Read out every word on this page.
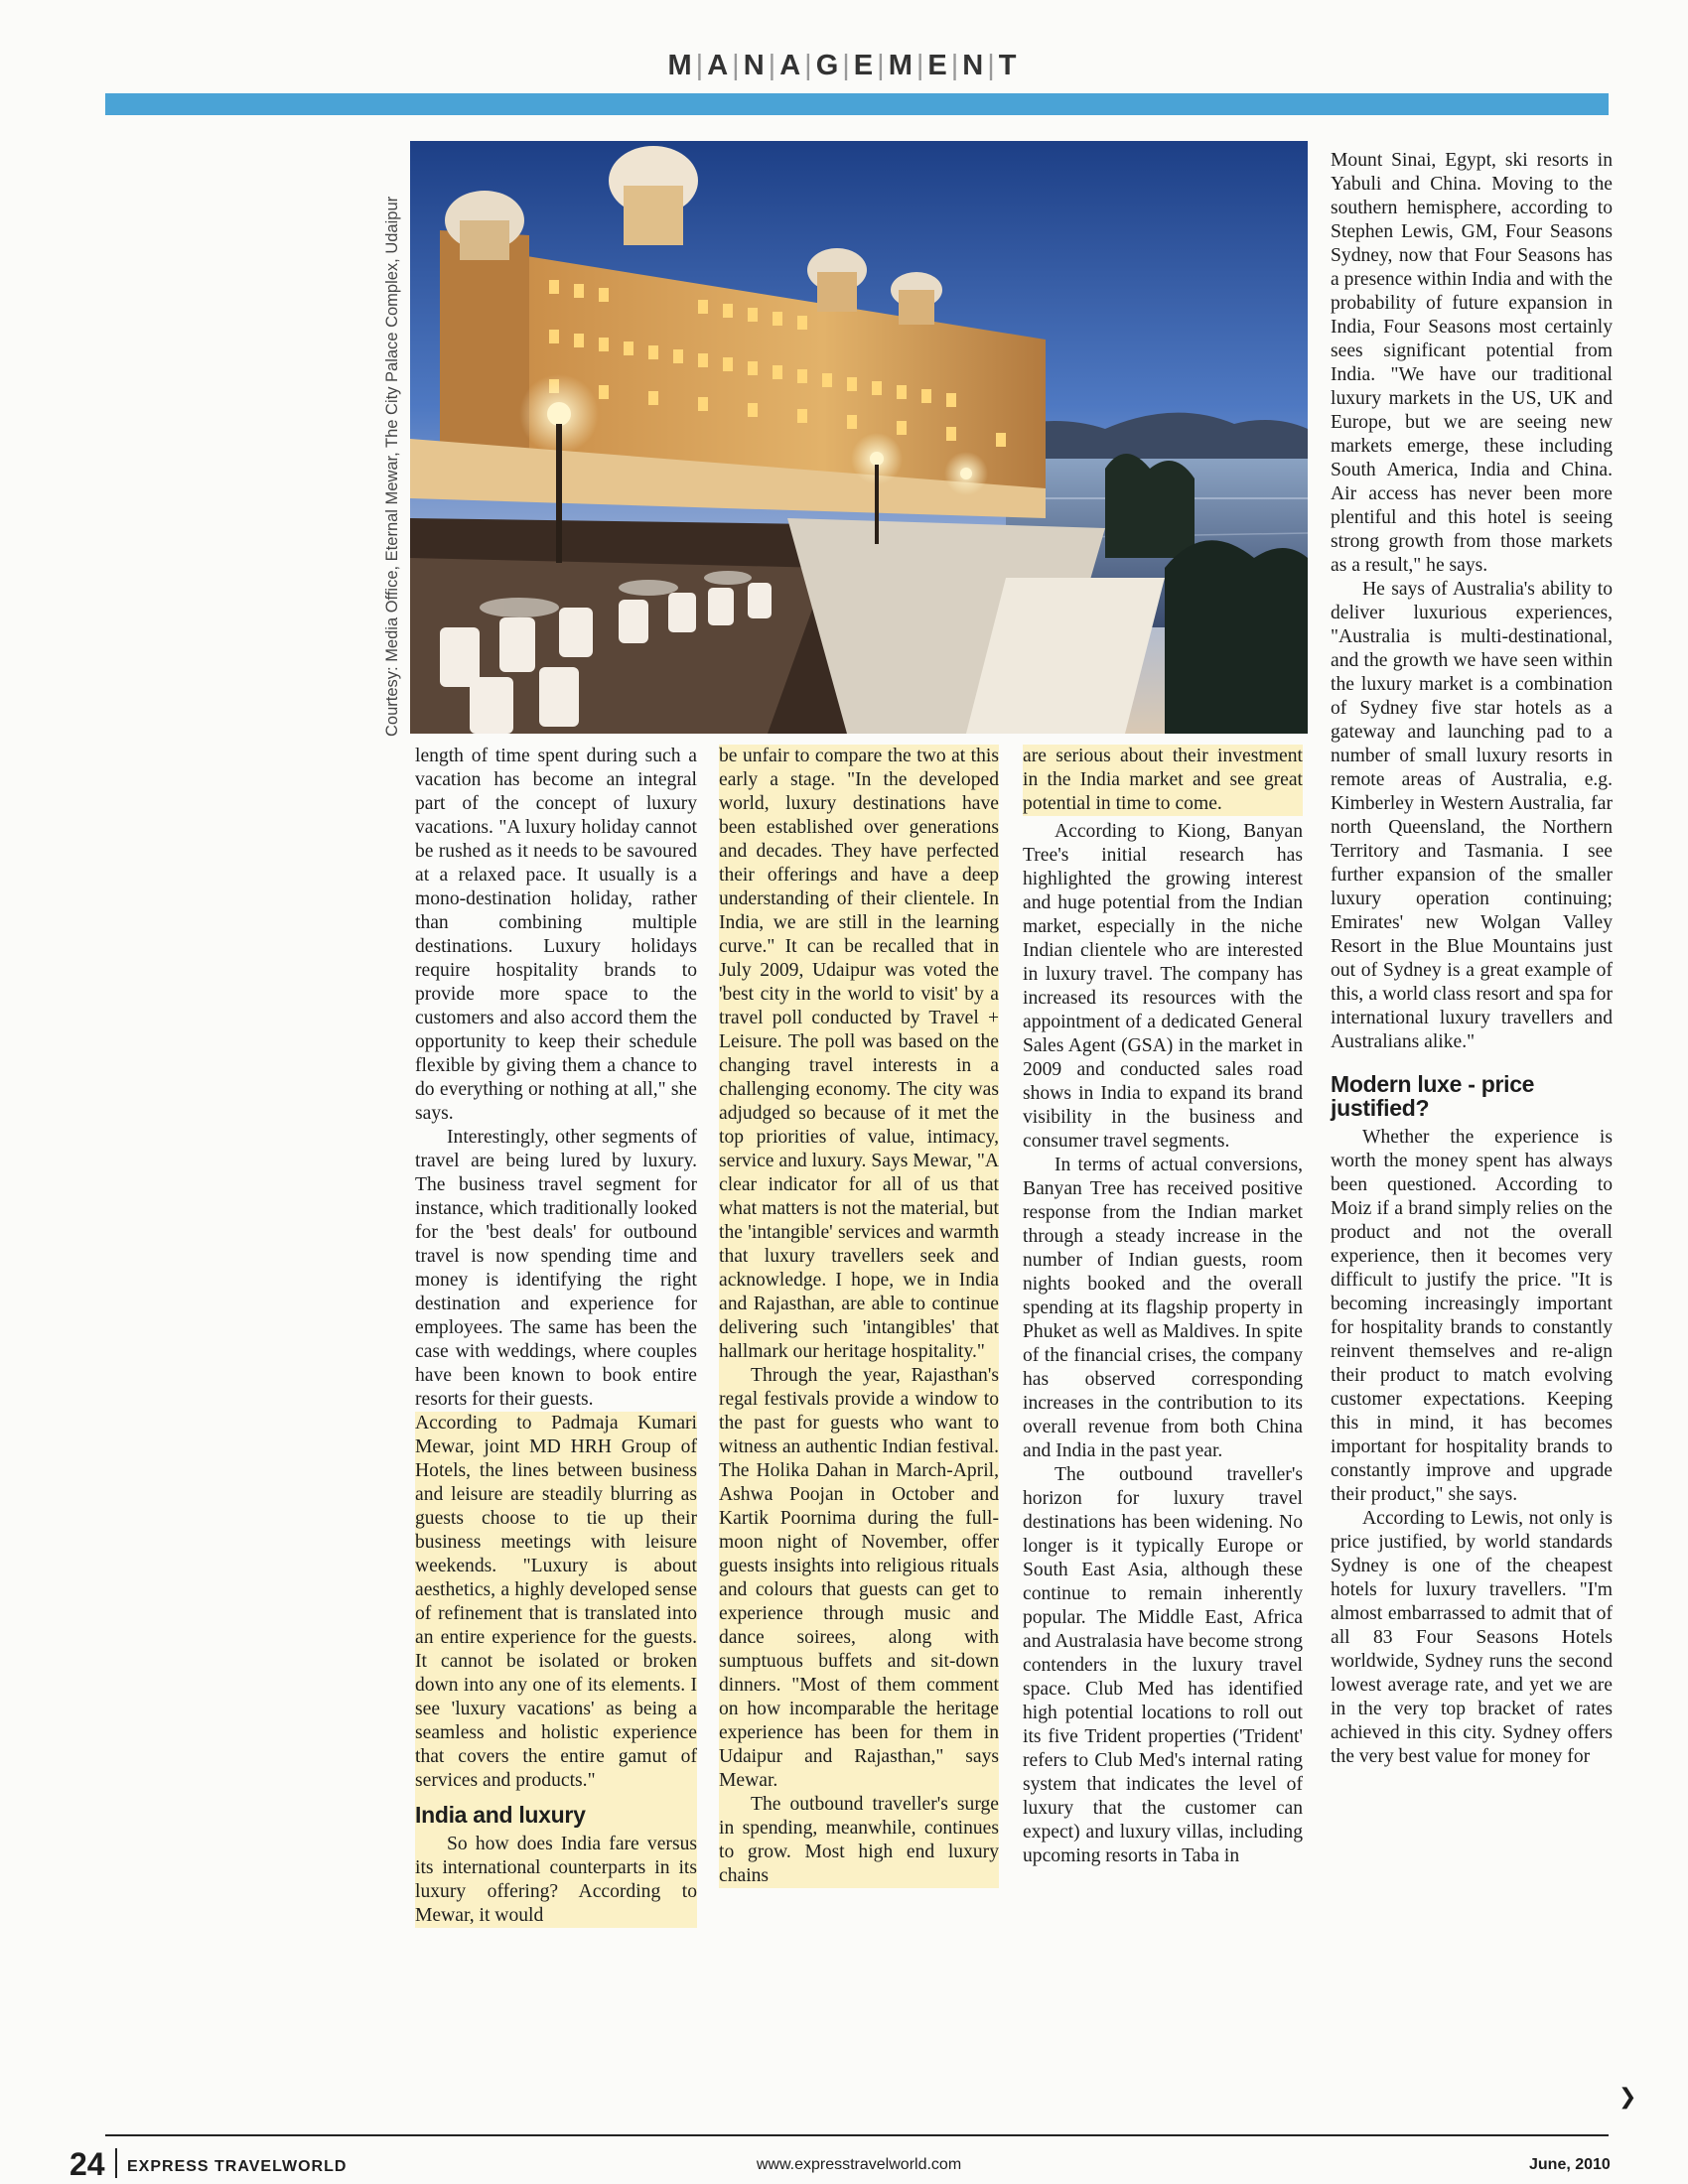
M|A|N|A|G|E|M|E|N|T
Courtesy: Media Office, Eternal Mewar, The City Palace Complex, Udaipur

length of time spent during such a vacation has become an integral part of the concept of luxury vacations. "A luxury holiday cannot be rushed as it needs to be savoured at a relaxed pace. It usually is a mono-destination holiday, rather than combining multiple destinations. Luxury holidays require hospitality brands to provide more space to the customers and also accord them the opportunity to keep their schedule flexible by giving them a chance to do everything or nothing at all," she says.

Interestingly, other segments of travel are being lured by luxury. The business travel segment for instance, which traditionally looked for the 'best deals' for outbound travel is now spending time and money is identifying the right destination and experience for employees. The same has been the case with weddings, where couples have been known to book entire resorts for their guests.

According to Padmaja Kumari Mewar, joint MD HRH Group of Hotels, the lines between business and leisure are steadily blurring as guests choose to tie up their business meetings with leisure weekends. "Luxury is about aesthetics, a highly developed sense of refinement that is translated into an entire experience for the guests. It cannot be isolated or broken down into any one of its elements. I see 'luxury vacations' as being a seamless and holistic experience that covers the entire gamut of services and products."

India and luxury

So how does India fare versus its international counterparts in its luxury offering? According to Mewar, it would

be unfair to compare the two at this early a stage. "In the developed world, luxury destinations have been established over generations and decades. They have perfected their offerings and have a deep understanding of their clientele. In India, we are still in the learning curve." It can be recalled that in July 2009, Udaipur was voted the 'best city in the world to visit' by a travel poll conducted by Travel + Leisure. The poll was based on the changing travel interests in a challenging economy. The city was adjudged so because of it met the top priorities of value, intimacy, service and luxury. Says Mewar, "A clear indicator for all of us that what matters is not the material, but the 'intangible' services and warmth that luxury travellers seek and acknowledge. I hope, we in India and Rajasthan, are able to continue delivering such 'intangibles' that hallmark our heritage hospitality."

Through the year, Rajasthan's regal festivals provide a window to the past for guests who want to witness an authentic Indian festival. The Holika Dahan in March-April, Ashwa Poojan in October and Kartik Poornima during the full-moon night of November, offer guests insights into religious rituals and colours that guests can get to experience through music and dance soirees, along with sumptuous buffets and sit-down dinners. "Most of them comment on how incomparable the heritage experience has been for them in Udaipur and Rajasthan," says Mewar.

The outbound traveller's surge in spending, meanwhile, continues to grow. Most high end luxury chains

are serious about their investment in the India market and see great potential in time to come.

According to Kiong, Banyan Tree's initial research has highlighted the growing interest and huge potential from the Indian market, especially in the niche Indian clientele who are interested in luxury travel. The company has increased its resources with the appointment of a dedicated General Sales Agent (GSA) in the market in 2009 and conducted sales road shows in India to expand its brand visibility in the business and consumer travel segments.

In terms of actual conversions, Banyan Tree has received positive response from the Indian market through a steady increase in the number of Indian guests, room nights booked and the overall spending at its flagship property in Phuket as well as Maldives. In spite of the financial crises, the company has observed corresponding increases in the contribution to its overall revenue from both China and India in the past year.

The outbound traveller's horizon for luxury travel destinations has been widening. No longer is it typically Europe or South East Asia, although these continue to remain inherently popular. The Middle East, Africa and Australasia have become strong contenders in the luxury travel space. Club Med has identified high potential locations to roll out its five Trident properties ('Trident' refers to Club Med's internal rating system that indicates the level of luxury that the customer can expect) and luxury villas, including upcoming resorts in Taba in

Mount Sinai, Egypt, ski resorts in Yabuli and China. Moving to the southern hemisphere, according to Stephen Lewis, GM, Four Seasons Sydney, now that Four Seasons has a presence within India and with the probability of future expansion in India, Four Seasons most certainly sees significant potential from India. "We have our traditional luxury markets in the US, UK and Europe, but we are seeing new markets emerge, these including South America, India and China. Air access has never been more plentiful and this hotel is seeing strong growth from those markets as a result," he says.

He says of Australia's ability to deliver luxurious experiences, "Australia is multi-destinational, and the growth we have seen within the luxury market is a combination of Sydney five star hotels as a gateway and launching pad to a number of small luxury resorts in remote areas of Australia, e.g. Kimberley in Western Australia, far north Queensland, the Northern Territory and Tasmania. I see further expansion of the smaller luxury operation continuing; Emirates' new Wolgan Valley Resort in the Blue Mountains just out of Sydney is a great example of this, a world class resort and spa for international luxury travellers and Australians alike."

Modern luxe - price justified?

Whether the experience is worth the money spent has always been questioned. According to Moiz if a brand simply relies on the product and not the overall experience, then it becomes very difficult to justify the price. "It is becoming increasingly important for hospitality brands to constantly reinvent themselves and re-align their product to match evolving customer expectations. Keeping this in mind, it has becomes important for hospitality brands to constantly improve and upgrade their product," she says.

According to Lewis, not only is price justified, by world standards Sydney is one of the cheapest hotels for luxury travellers. "I'm almost embarrassed to admit that of all 83 Four Seasons Hotels worldwide, Sydney runs the second lowest average rate, and yet we are in the very top bracket of rates achieved in this city. Sydney offers the very best value for money for

❯
24 EXPRESS TRAVELWORLD	www.expresstravelworld.com	June, 2010
